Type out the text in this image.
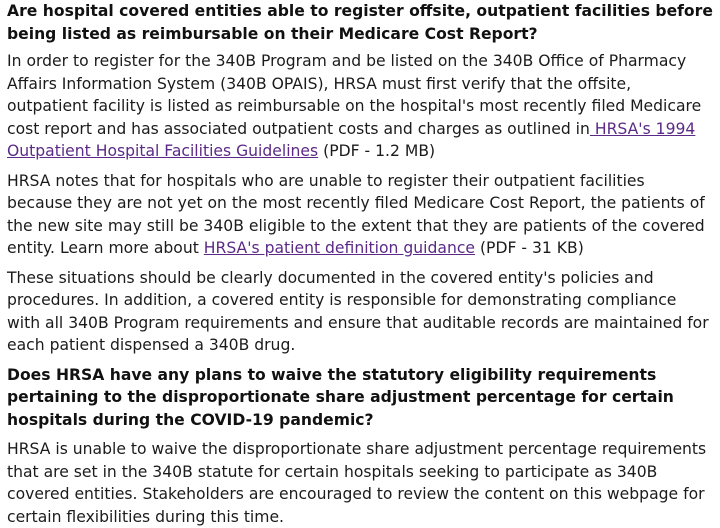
Are hospital covered entities able to register offsite, outpatient facilities before being listed as reimbursable on their Medicare Cost Report?

In order to register for the 340B Program and be listed on the 340B Office of Pharmacy Affairs Information System (340B OPAIS), HRSA must first verify that the offsite, outpatient facility is listed as reimbursable on the hospital's most recently filed Medicare cost report and has associated outpatient costs and charges as outlined in HRSA's 1994 Outpatient Hospital Facilities Guidelines (PDF - 1.2 MB)

HRSA notes that for hospitals who are unable to register their outpatient facilities because they are not yet on the most recently filed Medicare Cost Report, the patients of the new site may still be 340B eligible to the extent that they are patients of the covered entity. Learn more about HRSA's patient definition guidance (PDF - 31 KB)

These situations should be clearly documented in the covered entity's policies and procedures. In addition, a covered entity is responsible for demonstrating compliance with all 340B Program requirements and ensure that auditable records are maintained for each patient dispensed a 340B drug.

Does HRSA have any plans to waive the statutory eligibility requirements pertaining to the disproportionate share adjustment percentage for certain hospitals during the COVID-19 pandemic?

HRSA is unable to waive the disproportionate share adjustment percentage requirements that are set in the 340B statute for certain hospitals seeking to participate as 340B covered entities. Stakeholders are encouraged to review the content on this webpage for certain flexibilities during this time.
